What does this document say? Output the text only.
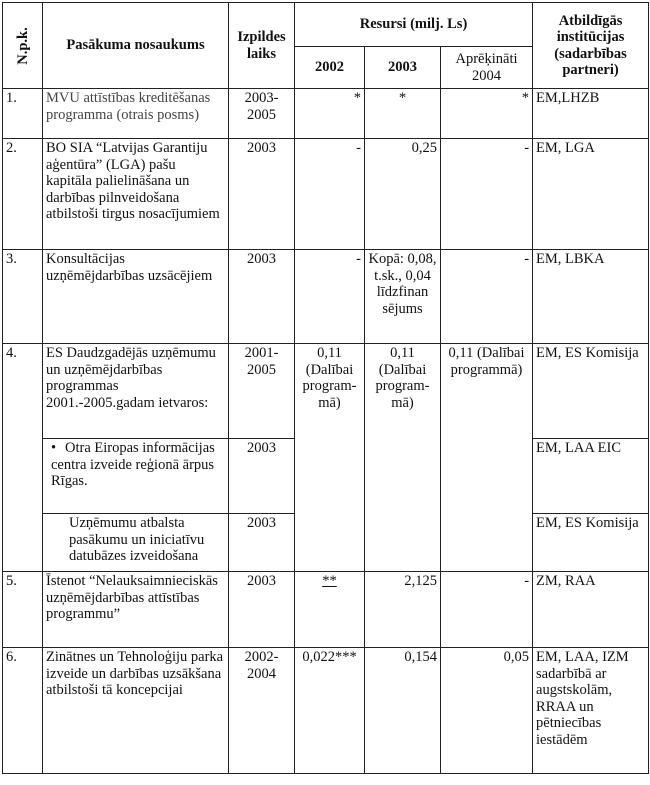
N.p.k.	Pasākuma nosaukums	Izpildes laiks	Resursi (milj. Ls)			Atbildīgās institūcijas (sadarbības partneri)
			2002	2003	Aprēķināti 2004	
1.	MVU attīstības kreditēšanas programma (otrais posms)	2003-2005	*	*	*	EM,LHZB
2.	BO SIA “Latvijas Garantiju aģentūra” (LGA) pašu kapitāla palielināšana un darbības pilnveidošana atbilstoši tirgus nosacījumiem	2003	-	0,25	-	EM, LGA
3.	Konsultācijas uzņēmējdarbības uzsācējiem	2003	-	Kopā: 0,08, t.sk., 0,04 līdzfinan sējums	-	EM, LBKA
4.	ES Daudzgadējās uzņēmumu un uzņēmējdarbības programmas 2001.-2005.gadam ietvaros:	2001-2005	0,11 (Dalībai program-mā)	0,11 (Dalībai program-mā)	0,11 (Dalībai programmā)	EM, ES Komisija
	• Otra Eiropas informācijas centra izveide reģionā ārpus Rīgas.	2003				EM, LAA EIC
	Uzņēmumu atbalsta pasākumu un iniciatīvu datubāzes izveidošana	2003				EM, ES Komisija
5.	Īstenot “Nelauksaimnieciskās uzņēmējdarbības attīstības programmu”	2003	**	2,125	-	ZM, RAA
6.	Zinātnes un Tehnoloģiju parka izveide un darbības uzsākšana atbilstoši tā koncepcijai	2002-2004	0,022***	0,154	0,05	EM, LAA, IZM sadarbībā ar augstskolām, RRAA un pētniecības iestādēm
